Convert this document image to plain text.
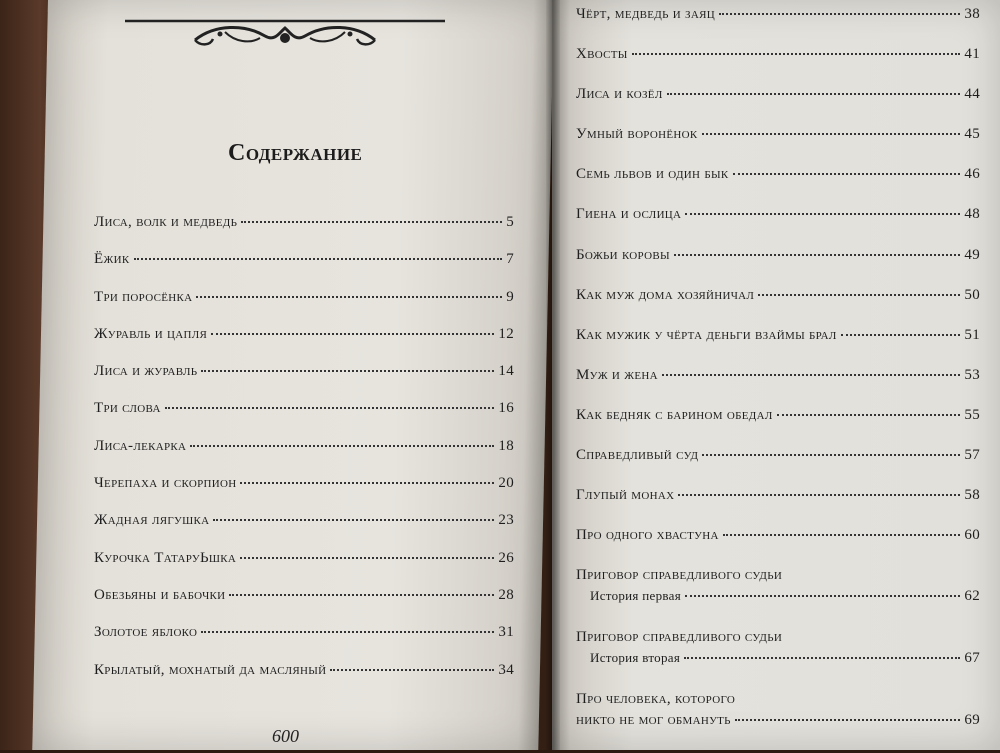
Содержание
Лиса, волк и медведь	5
Ёжик	7
Три поросёнка	9
Журавль и цапля	12
Лиса и журавль	14
Три слова	16
Лиса-лекарка	18
Черепаха и скорпион	20
Жадная лягушка	23
Курочка ТатаруЬшка	26
Обезьяны и бабочки	28
Золотое яблоко	31
Крылатый, мохнатый да масляный	34
600
Чёрт, медведь и заяц	38
Хвосты	41
Лиса и козёл	44
Умный воронёнок	45
Семь львов и один бык	46
Гиена и ослица	48
Божьи коровы	49
Как муж дома хозяйничал	50
Как мужик у чёрта деньги взаймы брал	51
Муж и жена	53
Как бедняк с барином обедал	55
Справедливый суд	57
Глупый монах	58
Про одного хвастуна	60
Приговор справедливого судьи
История первая	62
Приговор справедливого судьи
История вторая	67
Про человека, которого
никто не мог обмануть	69
